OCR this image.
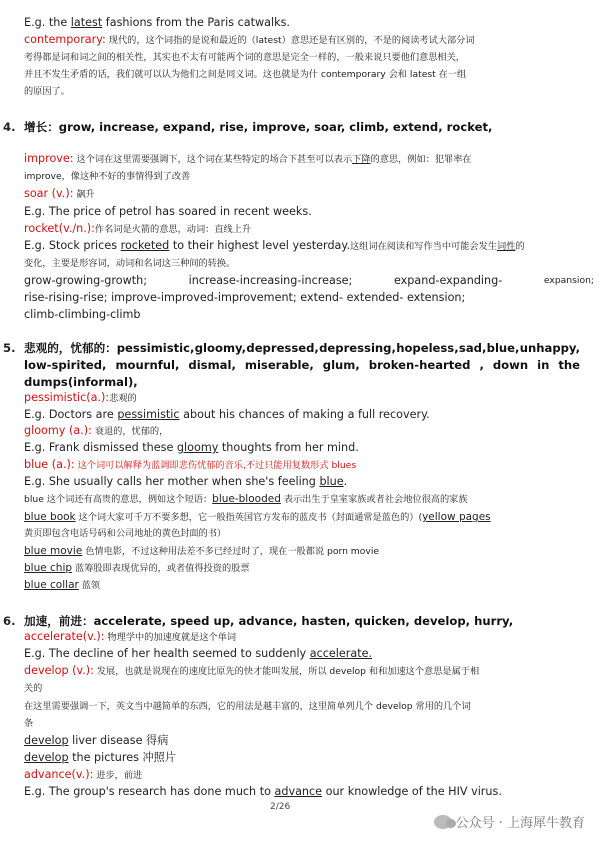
E.g. the latest fashions from the Paris catwalks.
contemporary: 现代的，这个词指的是说和最近的（latest）意思还是有区别的，不是的阅读考试大部分词
考得都是词和词之间的相关性，其实也不太有可能两个词的意思是完全一样的，一般来说只要他们意思相关，
并且不发生矛盾的话，我们就可以认为他们之间是同义词。这也就是为什 contemporary 会和 latest 在一组
的原因了。
4. 增长：grow, increase, expand, rise, improve, soar, climb, extend, rocket,
improve: 这个词在这里需要强调下，这个词在某些特定的场合下甚至可以表示下降的意思，例如：犯罪率在
improve，像这种不好的事情得到了改善
soar (v.): 飙升
E.g. The price of petrol has soared in recent weeks.
rocket(v./n.):作名词是火箭的意思，动词：直线上升
E.g. Stock prices rocketed to their highest level yesterday.这组词在阅读和写作当中可能会发生词性的
变化，主要是形容词，动词和名词这三种间的转换。
grow-growing-growth;	increase-increasing-increase;	expand-expanding-	expansion;
rise-rising-rise; improve-improved-improvement; extend- extended- extension;
climb-climbing-climb
5. 悲观的，忧郁的：pessimistic, gloomy, depressed, depressing, hopeless, sad, blue, unhappy,
low-spirited, mournful, dismal, miserable, glum, broken-hearted , down in the
dumps(informal),
pessimistic(a.):悲观的
E.g. Doctors are pessimistic about his chances of making a full recovery.
gloomy (a.): 衰退的，忧郁的，
E.g. Frank dismissed these gloomy thoughts from her mind.
blue (a.): 这个词可以解释为蓝调即悲伤忧郁的音乐,不过只能用复数形式 blues
E.g. She usually calls her mother when she's feeling blue.
blue 这个词还有高贵的意思，例如这个短语：blue-blooded 表示出生于皇室家族或者社会地位很高的家族
blue book 这个词大家可千万不要多想，它一般指英国官方发布的蓝皮书（封面通常是蓝色的）(yellow pages
黄页即包含电话号码和公司地址的黄色封面的书）
blue movie 色情电影，不过这种用法差不多已经过时了，现在一般都说 porn movie
blue chip 蓝筹股即表现优异的，或者值得投资的股票
blue collar 蓝领
6. 加速，前进：accelerate, speed up, advance, hasten, quicken, develop, hurry,
accelerate(v.): 物理学中的加速度就是这个单词
E.g. The decline of her health seemed to suddenly accelerate.
develop (v.): 发展，也就是说现在的速度比原先的快才能叫发展，所以 develop 和和加速这个意思是属于相
关的
在这里需要强调一下，英文当中越简单的东西，它的用法是越丰富的，这里简单列几个 develop 常用的几个词
条
develop liver disease 得病
develop the pictures 冲照片
advance(v.): 进步，前进
E.g. The group's research has done much to advance our knowledge of the HIV virus.
2/26
公众号 · 上海犀牛教育
